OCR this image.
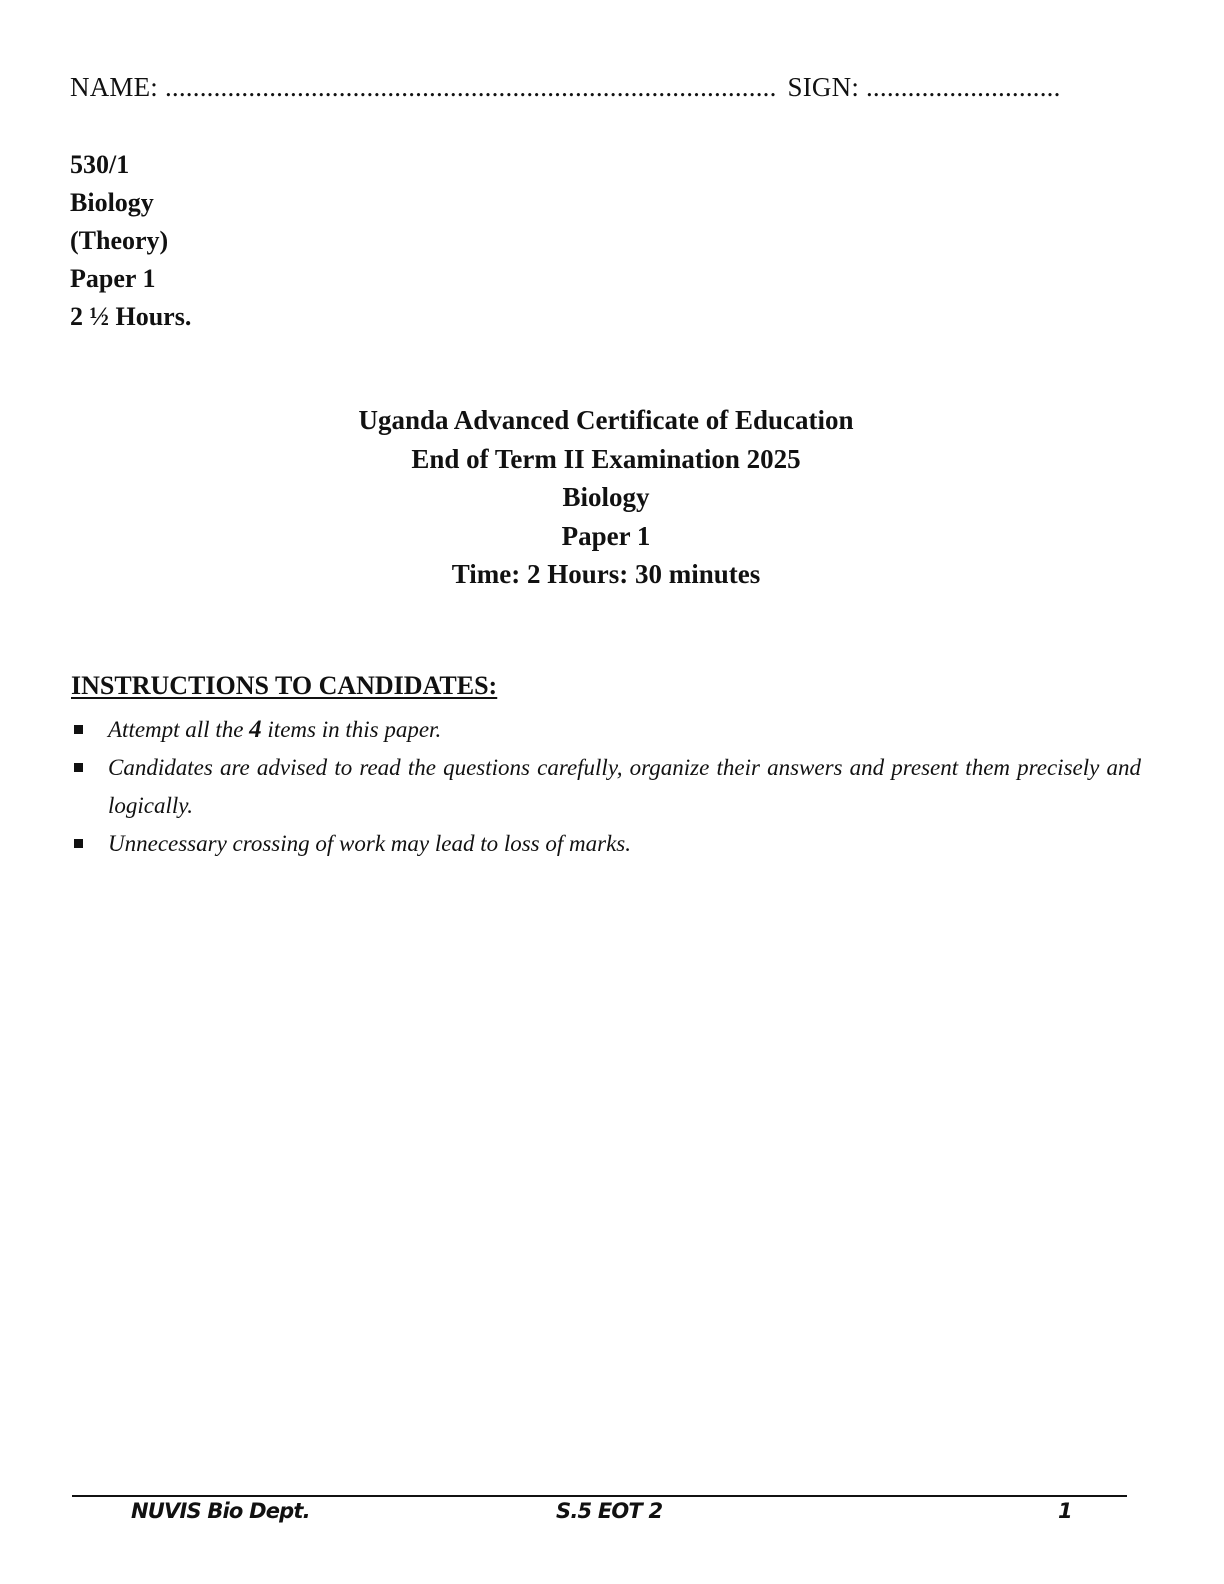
NAME: ........................................................................................ SIGN: ............................
530/1
Biology
(Theory)
Paper 1
2 ½ Hours.
Uganda Advanced Certificate of Education
End of Term II Examination 2025
Biology
Paper 1
Time: 2 Hours: 30 minutes
INSTRUCTIONS TO CANDIDATES:
Attempt all the 4 items in this paper.
Candidates are advised to read the questions carefully, organize their answers and present them precisely and logically.
Unnecessary crossing of work may lead to loss of marks.
NUVIS Bio Dept.	S.5 EOT 2	1
